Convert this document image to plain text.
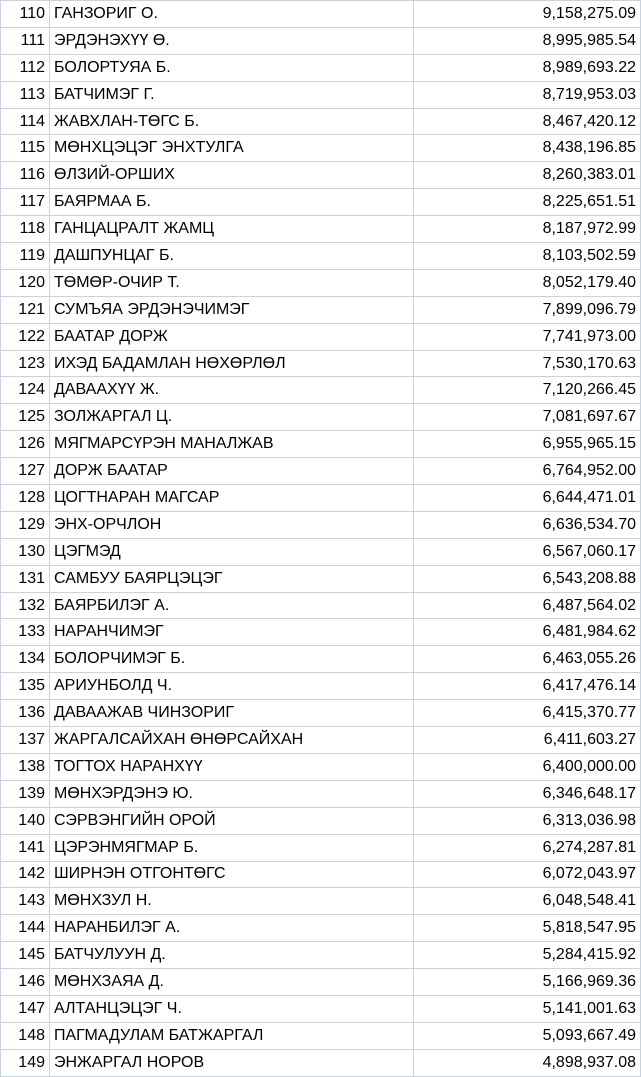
110	ГАНЗОРИГ О.	9,158,275.09
111	ЭРДЭНЭХҮҮ Ө.	8,995,985.54
112	БОЛОРТУЯА Б.	8,989,693.22
113	БАТЧИМЭГ Г.	8,719,953.03
114	ЖАВХЛАН-ТӨГС Б.	8,467,420.12
115	МӨНХЦЭЦЭГ ЭНХТУЛГА	8,438,196.85
116	ӨЛЗИЙ-ОРШИХ	8,260,383.01
117	БАЯРМАА Б.	8,225,651.51
118	ГАНЦАЦРАЛТ ЖАМЦ	8,187,972.99
119	ДАШПУНЦАГ Б.	8,103,502.59
120	ТӨМӨР-ОЧИР Т.	8,052,179.40
121	СУМЪЯА ЭРДЭНЭЧИМЭГ	7,899,096.79
122	БААТАР ДОРЖ	7,741,973.00
123	ИХЭД БАДАМЛАН НӨХӨРЛӨЛ	7,530,170.63
124	ДАВААХҮҮ Ж.	7,120,266.45
125	ЗОЛЖАРГАЛ Ц.	7,081,697.67
126	МЯГМАРСҮРЭН МАНАЛЖАВ	6,955,965.15
127	ДОРЖ БААТАР	6,764,952.00
128	ЦОГТНАРАН МАГСАР	6,644,471.01
129	ЭНХ-ОРЧЛОН	6,636,534.70
130	ЦЭГМЭД	6,567,060.17
131	САМБУУ БАЯРЦЭЦЭГ	6,543,208.88
132	БАЯРБИЛЭГ А.	6,487,564.02
133	НАРАНЧИМЭГ	6,481,984.62
134	БОЛОРЧИМЭГ Б.	6,463,055.26
135	АРИУНБОЛД Ч.	6,417,476.14
136	ДАВААЖАВ ЧИНЗОРИГ	6,415,370.77
137	ЖАРГАЛСАЙХАН ӨНӨРСАЙХАН	6,411,603.27
138	ТОГТОХ НАРАНХҮҮ	6,400,000.00
139	МӨНХЭРДЭНЭ Ю.	6,346,648.17
140	СЭРВЭНГИЙН ОРОЙ	6,313,036.98
141	ЦЭРЭНМЯГМАР Б.	6,274,287.81
142	ШИРНЭН ОТГОНТӨГС	6,072,043.97
143	МӨНХЗУЛ Н.	6,048,548.41
144	НАРАНБИЛЭГ А.	5,818,547.95
145	БАТЧУЛУУН Д.	5,284,415.92
146	МӨНХЗАЯА Д.	5,166,969.36
147	АЛТАНЦЭЦЭГ Ч.	5,141,001.63
148	ПАГМАДУЛАМ БАТЖАРГАЛ	5,093,667.49
149	ЭНЖАРГАЛ НОРОВ	4,898,937.08
